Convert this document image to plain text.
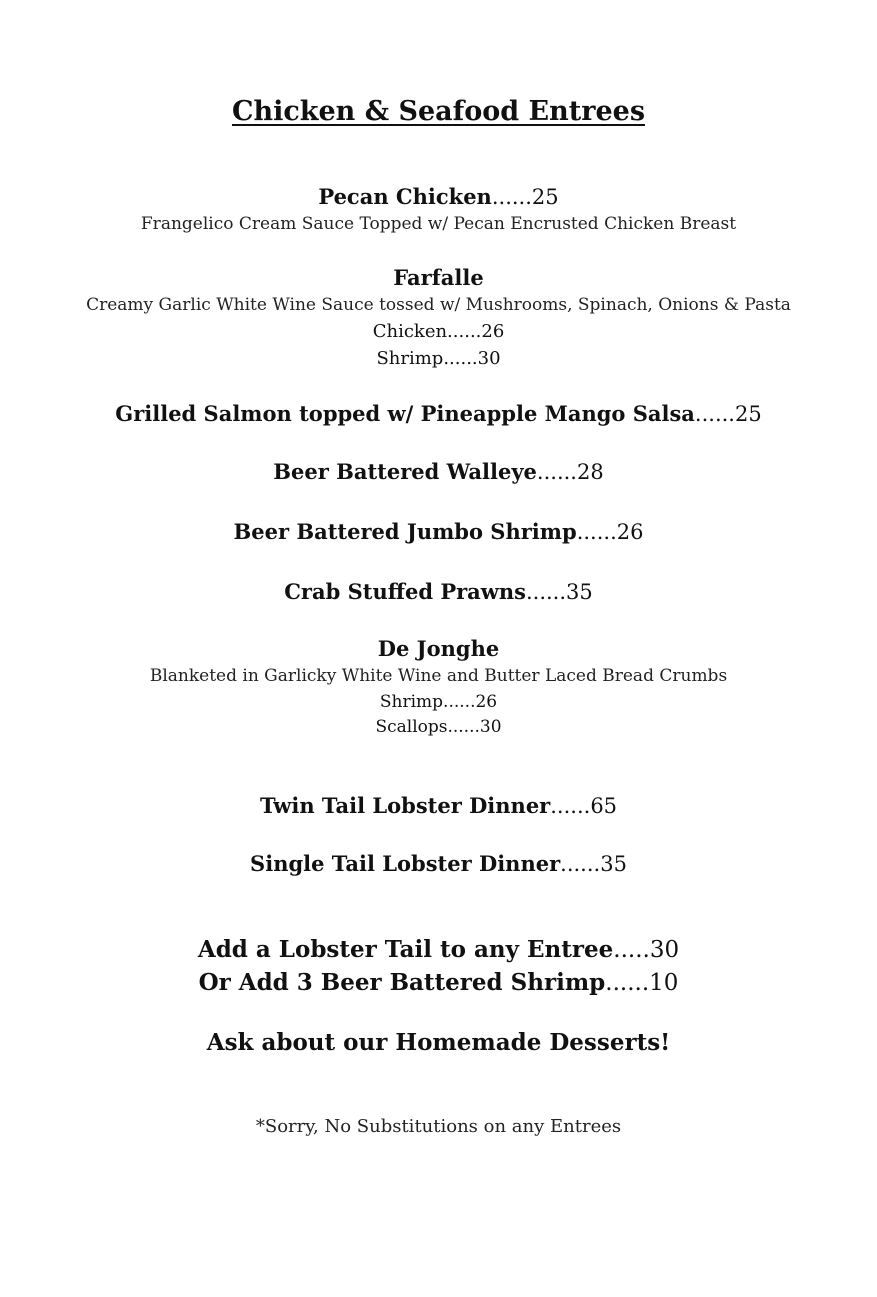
Chicken & Seafood Entrees
Pecan Chicken......25
Frangelico Cream Sauce Topped w/ Pecan Encrusted Chicken Breast
Farfalle
Creamy Garlic White Wine Sauce tossed w/ Mushrooms, Spinach, Onions & Pasta
Chicken......26
Shrimp......30
Grilled Salmon topped w/ Pineapple Mango Salsa......25
Beer Battered Walleye......28
Beer Battered Jumbo Shrimp......26
Crab Stuffed Prawns......35
De Jonghe
Blanketed in Garlicky White Wine and Butter Laced Bread Crumbs
Shrimp......26
Scallops......30
Twin Tail Lobster Dinner......65
Single Tail Lobster Dinner......35
Add a Lobster Tail to any Entree.....30
Or Add 3 Beer Battered Shrimp......10
Ask about our Homemade Desserts!
*Sorry, No Substitutions on any Entrees
